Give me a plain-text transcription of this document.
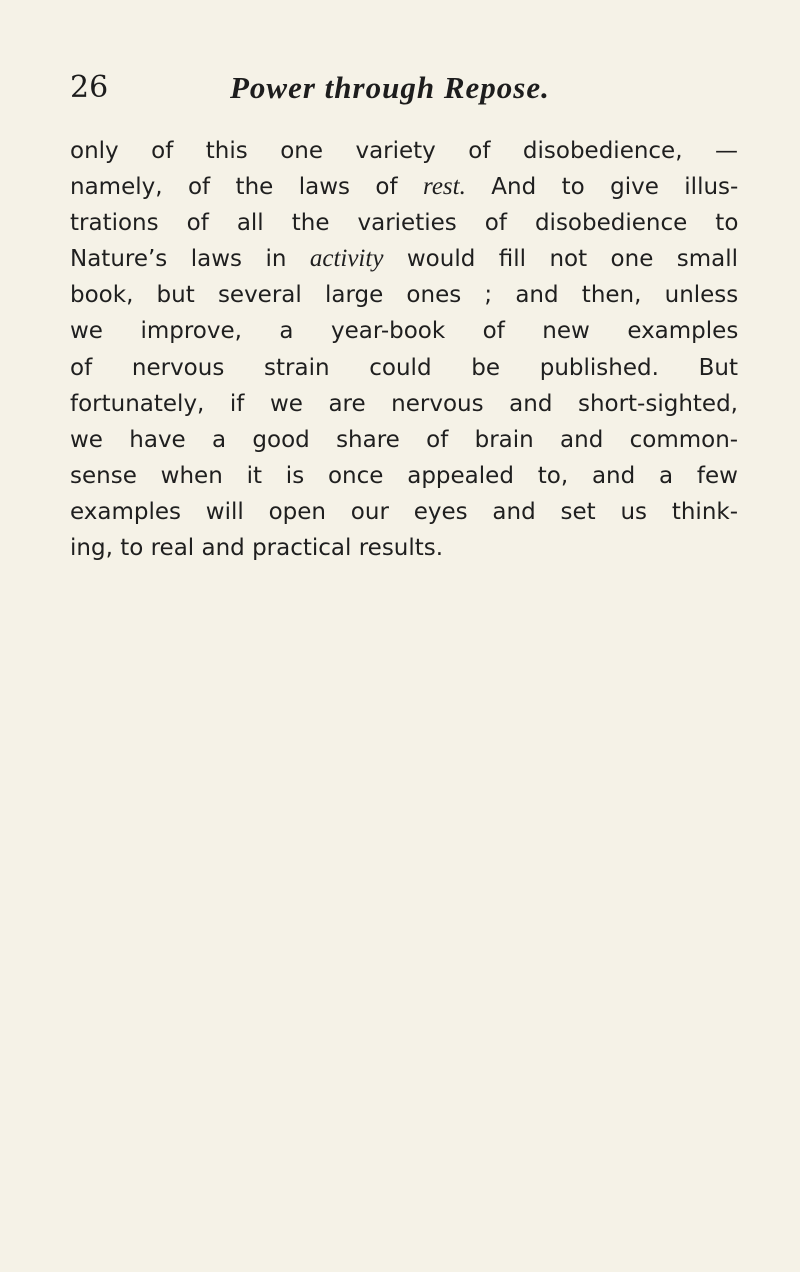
26	Power through Repose.
only of this one variety of disobedience, —
namely, of the laws of rest. And to give illus-
trations of all the varieties of disobedience to
Nature’s laws in activity would fill not one small
book, but several large ones ; and then, unless
we improve, a year-book of new examples
of nervous strain could be published. But
fortunately, if we are nervous and short-sighted,
we have a good share of brain and common-
sense when it is once appealed to, and a few
examples will open our eyes and set us think-
ing, to real and practical results.
